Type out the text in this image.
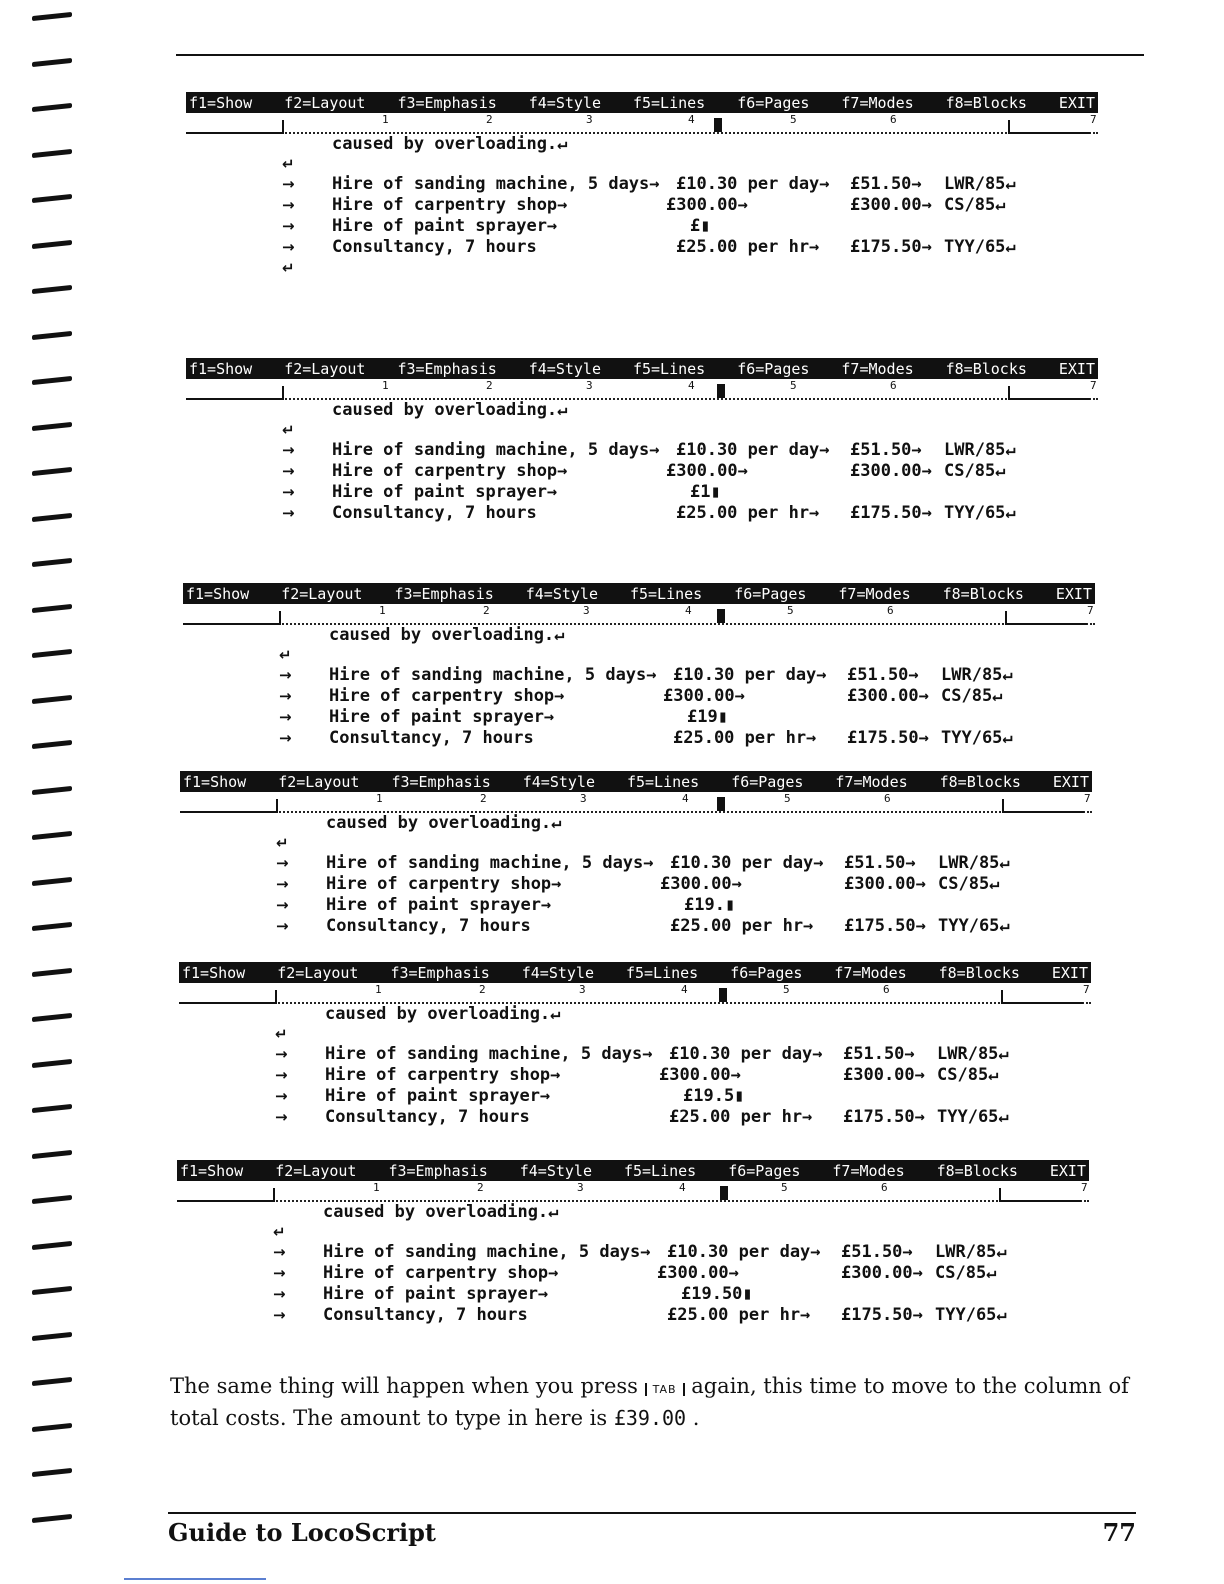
f1=Show f2=Layout f3=Emphasis f4=Style f5=Lines f6=Pages f7=Modes f8=Blocks EXIT
1	2	3	4	5	6	7
caused by overloading.↵
↵
→ Hire of sanding machine, 5 days→ £10.30 per day→ £51.50→ LWR/85↵
→ Hire of carpentry shop→	£300.00→	£300.00→ CS/85↵
→ Hire of paint sprayer→	£▮
→ Consultancy, 7 hours	£25.00 per hr→ £175.50→ TYY/65↵
↵
f1=Show f2=Layout f3=Emphasis f4=Style f5=Lines f6=Pages f7=Modes f8=Blocks EXIT
1	2	3	4	5	6	7
caused by overloading.↵
↵
→ Hire of sanding machine, 5 days→ £10.30 per day→ £51.50→ LWR/85↵
→ Hire of carpentry shop→	£300.00→	£300.00→ CS/85↵
→ Hire of paint sprayer→	£1▮
→ Consultancy, 7 hours	£25.00 per hr→ £175.50→ TYY/65↵
f1=Show f2=Layout f3=Emphasis f4=Style f5=Lines f6=Pages f7=Modes f8=Blocks EXIT
1	2	3	4	5	6	7
caused by overloading.↵
↵
→ Hire of sanding machine, 5 days→ £10.30 per day→ £51.50→ LWR/85↵
→ Hire of carpentry shop→	£300.00→	£300.00→ CS/85↵
→ Hire of paint sprayer→	£19▮
→ Consultancy, 7 hours	£25.00 per hr→ £175.50→ TYY/65↵
f1=Show f2=Layout f3=Emphasis f4=Style f5=Lines f6=Pages f7=Modes f8=Blocks EXIT
1	2	3	4	5	6	7
caused by overloading.↵
↵
→ Hire of sanding machine, 5 days→ £10.30 per day→ £51.50→ LWR/85↵
→ Hire of carpentry shop→	£300.00→	£300.00→ CS/85↵
→ Hire of paint sprayer→	£19.▮
→ Consultancy, 7 hours	£25.00 per hr→ £175.50→ TYY/65↵
f1=Show f2=Layout f3=Emphasis f4=Style f5=Lines f6=Pages f7=Modes f8=Blocks EXIT
1	2	3	4	5	6	7
caused by overloading.↵
↵
→ Hire of sanding machine, 5 days→ £10.30 per day→ £51.50→ LWR/85↵
→ Hire of carpentry shop→	£300.00→	£300.00→ CS/85↵
→ Hire of paint sprayer→	£19.5▮
→ Consultancy, 7 hours	£25.00 per hr→ £175.50→ TYY/65↵
f1=Show f2=Layout f3=Emphasis f4=Style f5=Lines f6=Pages f7=Modes f8=Blocks EXIT
1	2	3	4	5	6	7
caused by overloading.↵
↵
→ Hire of sanding machine, 5 days→ £10.30 per day→ £51.50→ LWR/85↵
→ Hire of carpentry shop→	£300.00→	£300.00→ CS/85↵
→ Hire of paint sprayer→	£19.50▮
→ Consultancy, 7 hours	£25.00 per hr→ £175.50→ TYY/65↵
The same thing will happen when you press TAB again, this time to move to the column of total costs. The amount to type in here is £39.00 .
Guide to LocoScript	77
